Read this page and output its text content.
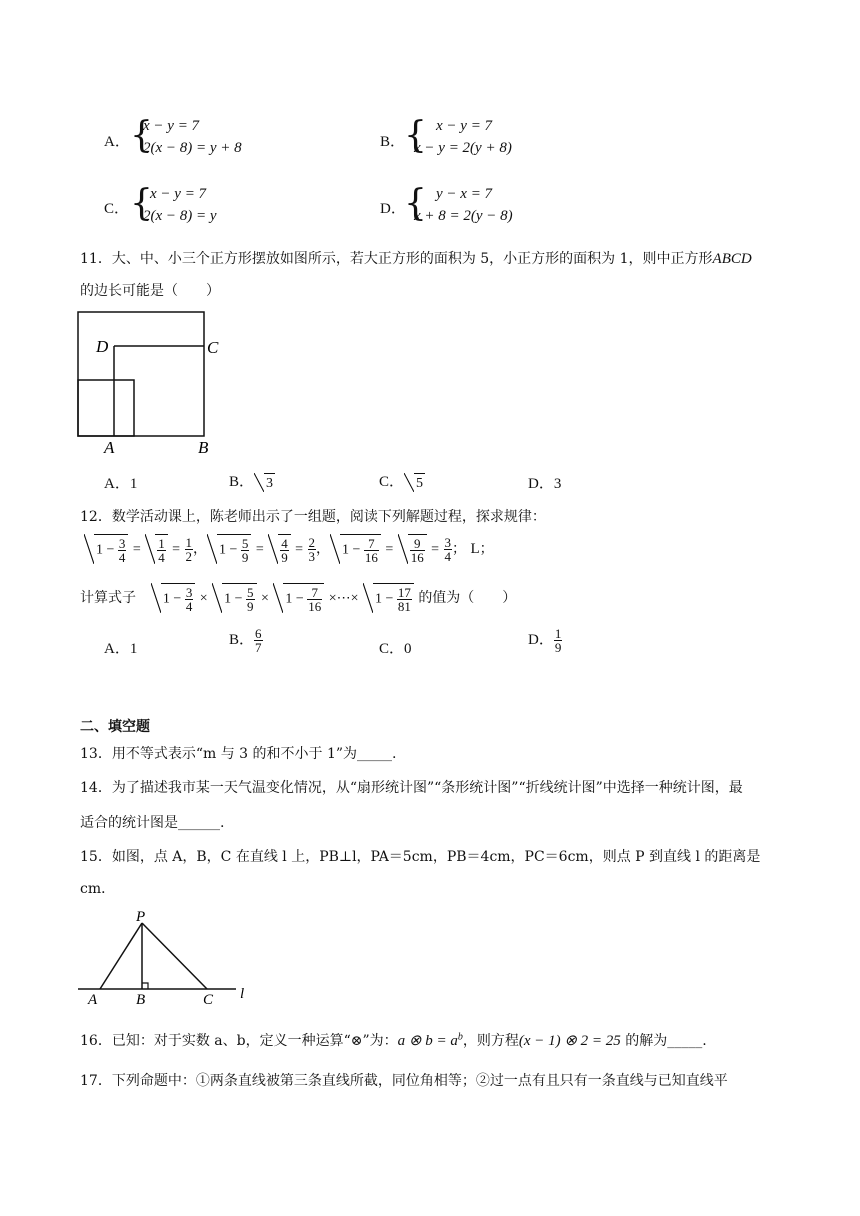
A． {
x − y = 7
2(x − 8) = y + 8	B．
{ x − y = 7
x − y = 2(y + 8)
C． {
x − y = 7
2(x − 8) = y	D．
{ y − x = 7
x + 8 = 2(y − 8)
11．大、中、小三个正方形摆放如图所示，若大正方形的面积为 5，小正方形的面积为 1，则中正方形ABCD
的边长可能是（　　）
D	C
A	B
A．1	B． 3	C． 5	D．3
12．数学活动课上，陈老师出示了一组题，阅读下列解题过程，探求规律：
$1 - \frac{3}{4} = \frac{1}{4} = \frac{1}{2}$ ， $1 - \frac{5}{9} = \frac{4}{9} = \frac{2}{3}$ ， $1 - \frac{7}{16} = \frac{9}{16} = \frac{3}{4}$ ； L；
计算式子 $1 - \frac{3}{4} \times 1 - \frac{5}{9} \times 1 - \frac{7}{16}$ ×⋯× $1 - \frac{17}{81}$ 的值为（　　）
A．1
B． $\frac{6}{7}$	C．0
D． $\frac{1}{9}$
二、填空题
13．用不等式表示“m 与 3 的和不小于 1”为_____.
14．为了描述我市某一天气温变化情况，从“扇形统计图”“条形统计图”“折线统计图”中选择一种统计图，最
适合的统计图是______.
15．如图，点 A，B，C 在直线 l 上，PB⊥l，PA＝5cm，PB＝4cm，PC＝6cm，则点 P 到直线 l 的距离是
cm．
P
A	B	C l
16．已知：对于实数 a、b，定义一种运算“⊗”为：a ⊗ $b = a^b$，则方程(x − 1) ⊗ 2 = 25 的解为_____.
17．下列命题中：①两条直线被第三条直线所截，同位角相等；②过一点有且只有一条直线与已知直线平
